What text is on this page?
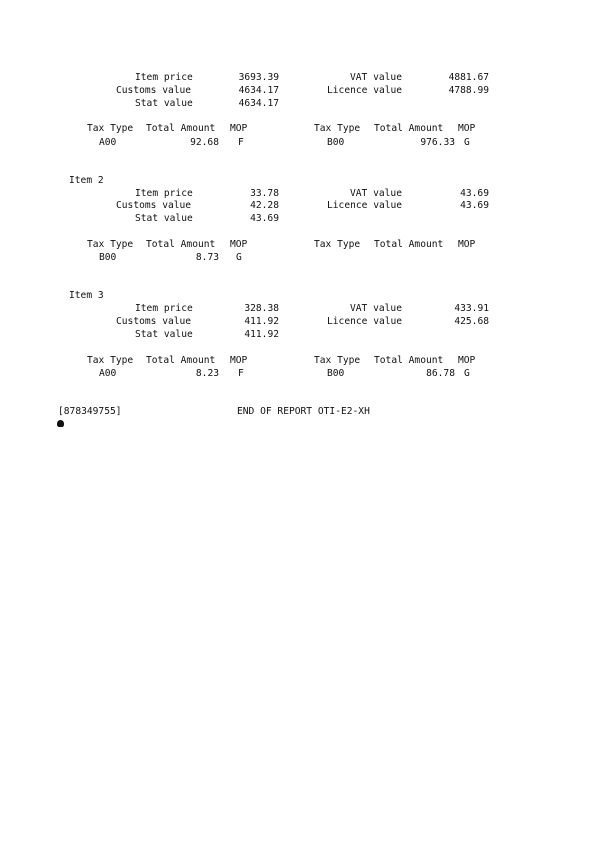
Item price	3693.39	VAT value	4881.67
Customs value	4634.17	Licence value	4788.99
Stat value	4634.17
Tax Type Total Amount MOP	Tax Type Total Amount MOP
A00	92.68 F	B00	976.33 G
Item 2
Item price	33.78	VAT value	43.69
Customs value	42.28	Licence value	43.69
Stat value	43.69
Tax Type Total Amount MOP	Tax Type Total Amount MOP
B00	8.73 G
Item 3
Item price	328.38	VAT value	433.91
Customs value	411.92	Licence value	425.68
Stat value	411.92
Tax Type Total Amount MOP	Tax Type Total Amount MOP
A00	8.23 F	B00	86.78 G
[878349755]	END OF REPORT OTI-E2-XH
